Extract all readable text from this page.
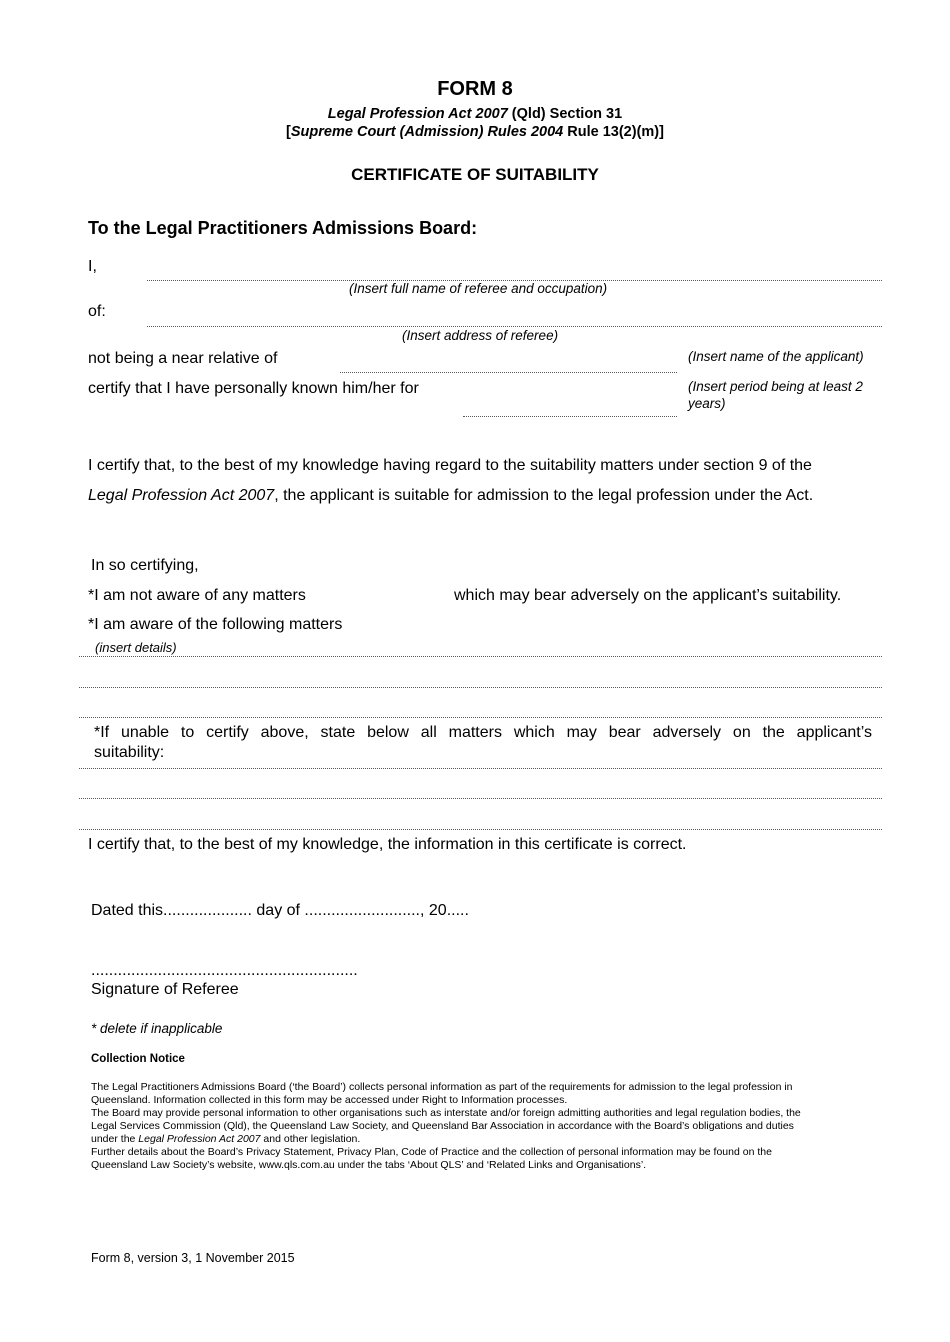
FORM 8
Legal Profession Act 2007 (Qld) Section 31
[Supreme Court (Admission) Rules 2004 Rule 13(2)(m)]
CERTIFICATE OF SUITABILITY
To the Legal Practitioners Admissions Board:
I,
(Insert full name of referee and occupation)
of:
(Insert address of referee)
not being a near relative of	(Insert name of the applicant)
certify that I have personally known him/her for	(Insert period being at least 2
years)
I certify that, to the best of my knowledge having regard to the suitability matters under section 9 of the
Legal Profession Act 2007, the applicant is suitable for admission to the legal profession under the Act.
In so certifying,
*I am not aware of any matters	which may bear adversely on the applicant’s suitability.
*I am aware of the following matters
(insert details)
*If unable to certify above, state below all matters which may bear adversely on the applicant’s
suitability:
I certify that, to the best of my knowledge, the information in this certificate is correct.
Dated this.................... day of .........................., 20.....
............................................................
Signature of Referee
* delete if inapplicable
Collection Notice
The Legal Practitioners Admissions Board (‘the Board’) collects personal information as part of the requirements for admission to the legal profession in
Queensland. Information collected in this form may be accessed under Right to Information processes.
The Board may provide personal information to other organisations such as interstate and/or foreign admitting authorities and legal regulation bodies, the
Legal Services Commission (Qld), the Queensland Law Society, and Queensland Bar Association in accordance with the Board’s obligations and duties
under the Legal Profession Act 2007 and other legislation.
Further details about the Board’s Privacy Statement, Privacy Plan, Code of Practice and the collection of personal information may be found on the
Queensland Law Society’s website, www.qls.com.au under the tabs ‘About QLS’ and ‘Related Links and Organisations’.
Form 8, version 3, 1 November 2015
